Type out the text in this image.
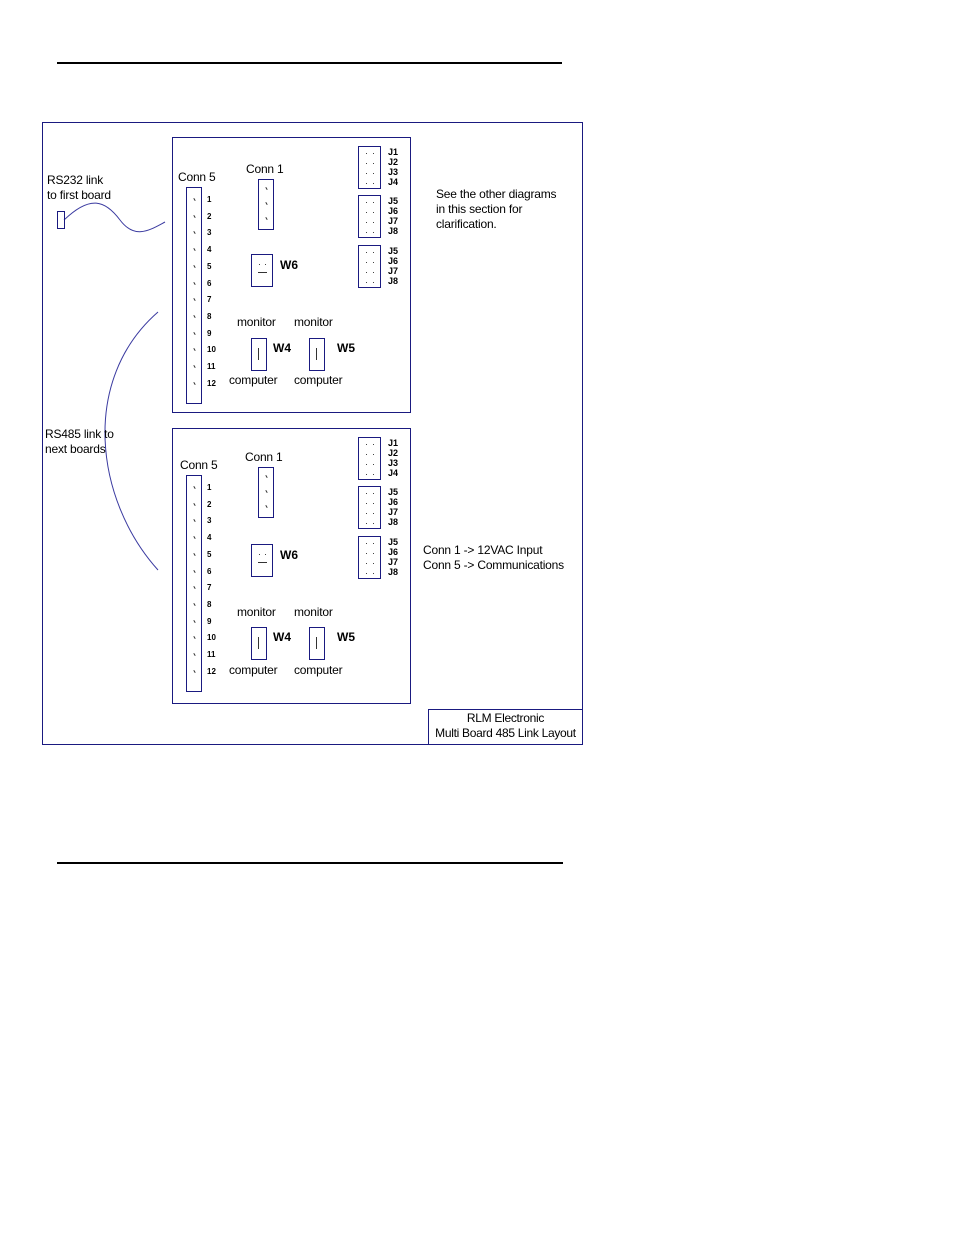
RS232 link
to first board
RS485 link to
next boards
See the other diagrams
in this section for
clarification.
Conn 1 -> 12VAC Input
Conn 5 -> Communications
RLM Electronic
Multi Board 485 Link Layout
Conn 5
1
2
3
4
5
6
7
8
9
10
11
12
Conn 1
J1
J2
J3
J4
J5
J6
J7
J8
J5
J6
J7
J8
W6
monitor monitor
W4	W5
computer computer
Conn 5
1
2
3
4
5
6
7
8
9
10
11
12
Conn 1
J1
J2
J3
J4
J5
J6
J7
J8
J5
J6
J7
J8
W6
monitor monitor
W4	W5
computer computer
